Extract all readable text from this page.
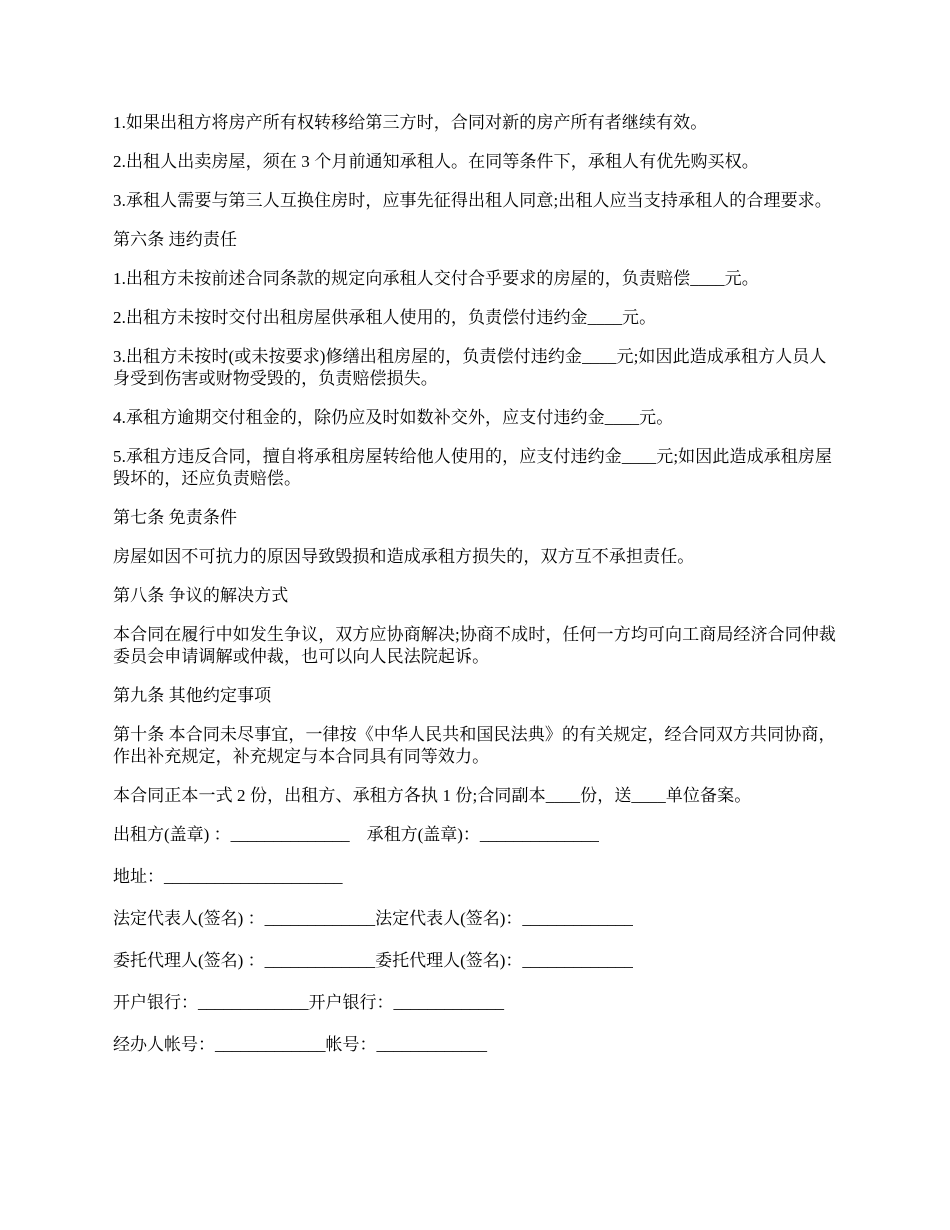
1.如果出租方将房产所有权转移给第三方时，合同对新的房产所有者继续有效。

2.出租人出卖房屋，须在 3 个月前通知承租人。在同等条件下，承租人有优先购买权。

3.承租人需要与第三人互换住房时，应事先征得出租人同意;出租人应当支持承租人的合理要求。

第六条 违约责任

1.出租方未按前述合同条款的规定向承租人交付合乎要求的房屋的，负责赔偿____元。

2.出租方未按时交付出租房屋供承租人使用的，负责偿付违约金____元。

3.出租方未按时(或未按要求)修缮出租房屋的，负责偿付违约金____元;如因此造成承租方人员人身受到伤害或财物受毁的，负责赔偿损失。

4.承租方逾期交付租金的，除仍应及时如数补交外，应支付违约金____元。

5.承租方违反合同，擅自将承租房屋转给他人使用的，应支付违约金____元;如因此造成承租房屋毁坏的，还应负责赔偿。

第七条 免责条件

房屋如因不可抗力的原因导致毁损和造成承租方损失的，双方互不承担责任。

第八条 争议的解决方式

本合同在履行中如发生争议，双方应协商解决;协商不成时，任何一方均可向工商局经济合同仲裁委员会申请调解或仲裁，也可以向人民法院起诉。

第九条 其他约定事项

第十条 本合同未尽事宜，一律按《中华人民共和国民法典》的有关规定，经合同双方共同协商，作出补充规定，补充规定与本合同具有同等效力。

本合同正本一式 2 份，出租方、承租方各执 1 份;合同副本____份，送____单位备案。

出租方(盖章) ：______________    承租方(盖章)：______________
地址：_____________________
法定代表人(签名) ：_____________法定代表人(签名)：_____________
委托代理人(签名) ：_____________委托代理人(签名)：_____________
开户银行：_____________开户银行：_____________
经办人帐号：_____________帐号：_____________
